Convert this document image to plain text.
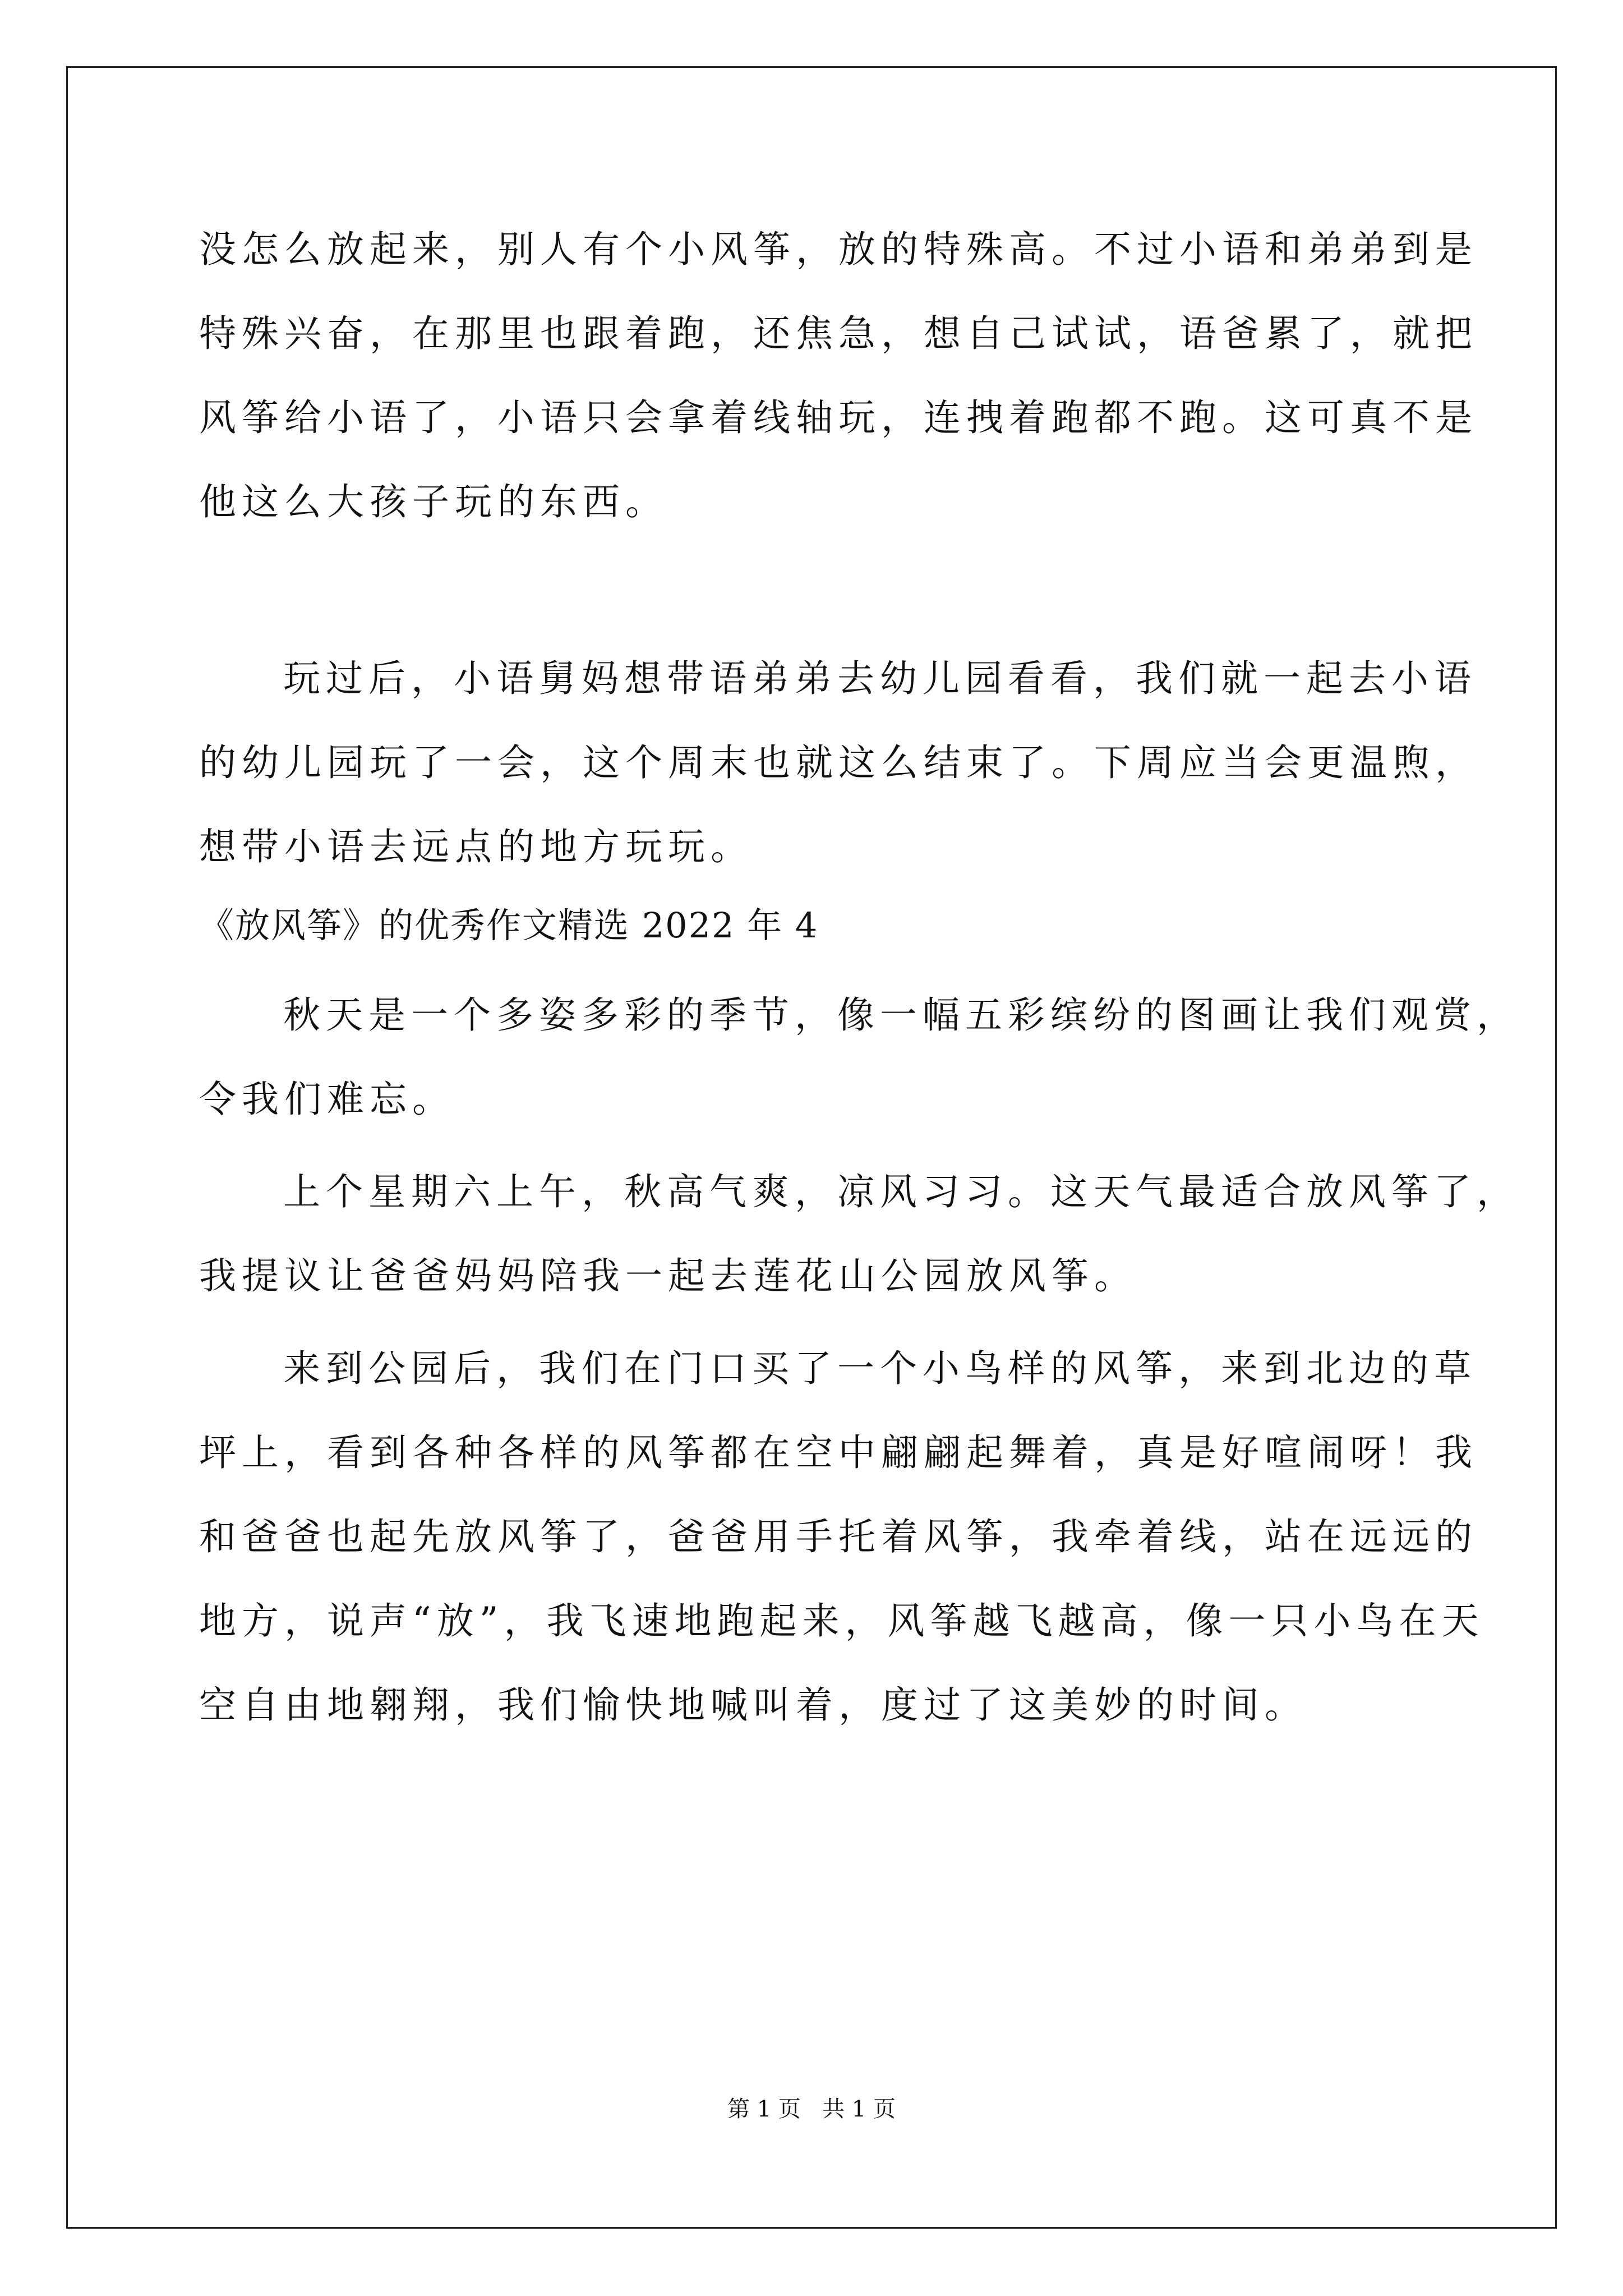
没怎么放起来，别人有个小风筝，放的特殊高。不过小语和弟弟到是
特殊兴奋，在那里也跟着跑，还焦急，想自己试试，语爸累了，就把
风筝给小语了，小语只会拿着线轴玩，连拽着跑都不跑。这可真不是
他这么大孩子玩的东西。
玩过后，小语舅妈想带语弟弟去幼儿园看看，我们就一起去小语
的幼儿园玩了一会，这个周末也就这么结束了。下周应当会更温煦，
想带小语去远点的地方玩玩。
《放风筝》的优秀作文精选 2022 年 4
秋天是一个多姿多彩的季节，像一幅五彩缤纷的图画让我们观赏，
令我们难忘。
上个星期六上午，秋高气爽，凉风习习。这天气最适合放风筝了，
我提议让爸爸妈妈陪我一起去莲花山公园放风筝。
来到公园后，我们在门口买了一个小鸟样的风筝，来到北边的草
坪上，看到各种各样的风筝都在空中翩翩起舞着，真是好喧闹呀！我
和爸爸也起先放风筝了，爸爸用手托着风筝，我牵着线，站在远远的
地方，说声“放”，我飞速地跑起来，风筝越飞越高，像一只小鸟在天
空自由地翱翔，我们愉快地喊叫着，度过了这美妙的时间。
第 1 页   共 1 页
